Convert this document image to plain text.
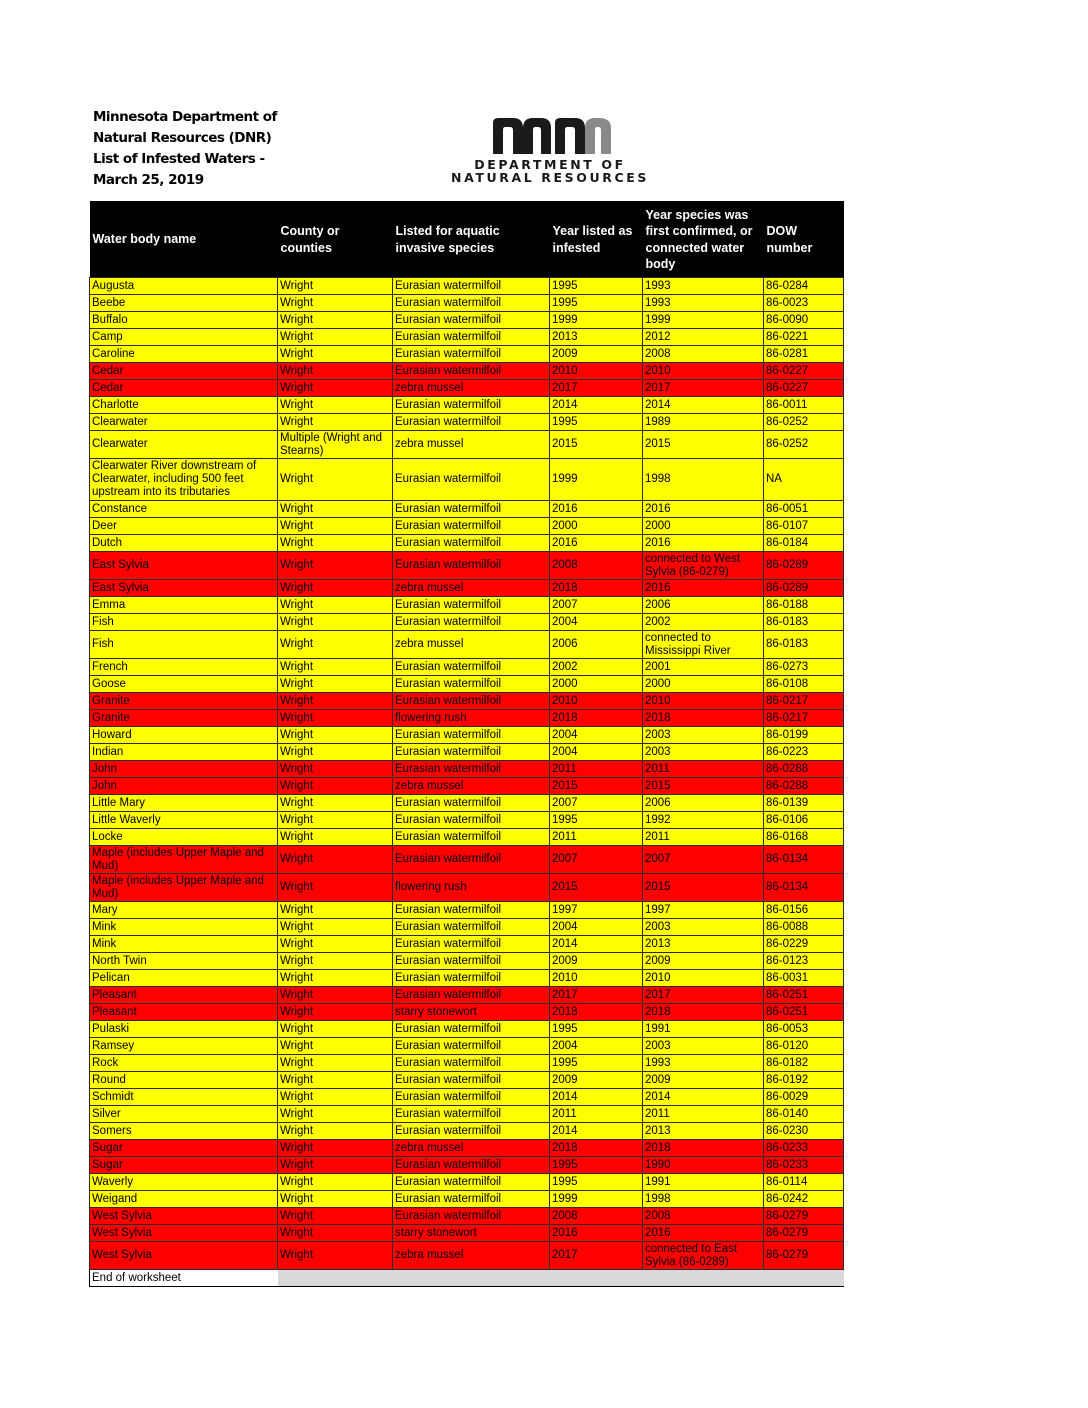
Minnesota Department of
Natural Resources (DNR)
List of Infested Waters -
March 25, 2019
DEPARTMENT OF
NATURAL RESOURCES
Water body name	County or counties	Listed for aquatic invasive species	Year listed as infested	Year species was first confirmed, or connected water body	DOW number
Augusta	Wright	Eurasian watermilfoil	1995	1993	86-0284
Beebe	Wright	Eurasian watermilfoil	1995	1993	86-0023
Buffalo	Wright	Eurasian watermilfoil	1999	1999	86-0090
Camp	Wright	Eurasian watermilfoil	2013	2012	86-0221
Caroline	Wright	Eurasian watermilfoil	2009	2008	86-0281
Cedar	Wright	Eurasian watermilfoil	2010	2010	86-0227
Cedar	Wright	zebra mussel	2017	2017	86-0227
Charlotte	Wright	Eurasian watermilfoil	2014	2014	86-0011
Clearwater	Wright	Eurasian watermilfoil	1995	1989	86-0252
Clearwater	Multiple (Wright and Stearns)	zebra mussel	2015	2015	86-0252
Clearwater River downstream of Clearwater, including 500 feet upstream into its tributaries	Wright	Eurasian watermilfoil	1999	1998	NA
Constance	Wright	Eurasian watermilfoil	2016	2016	86-0051
Deer	Wright	Eurasian watermilfoil	2000	2000	86-0107
Dutch	Wright	Eurasian watermilfoil	2016	2016	86-0184
East Sylvia	Wright	Eurasian watermilfoil	2008	connected to West Sylvia (86-0279)	86-0289
East Sylvia	Wright	zebra mussel	2018	2016	86-0289
Emma	Wright	Eurasian watermilfoil	2007	2006	86-0188
Fish	Wright	Eurasian watermilfoil	2004	2002	86-0183
Fish	Wright	zebra mussel	2006	connected to Mississippi River	86-0183
French	Wright	Eurasian watermilfoil	2002	2001	86-0273
Goose	Wright	Eurasian watermilfoil	2000	2000	86-0108
Granite	Wright	Eurasian watermilfoil	2010	2010	86-0217
Granite	Wright	flowering rush	2018	2018	86-0217
Howard	Wright	Eurasian watermilfoil	2004	2003	86-0199
Indian	Wright	Eurasian watermilfoil	2004	2003	86-0223
John	Wright	Eurasian watermilfoil	2011	2011	86-0288
John	Wright	zebra mussel	2015	2015	86-0288
Little Mary	Wright	Eurasian watermilfoil	2007	2006	86-0139
Little Waverly	Wright	Eurasian watermilfoil	1995	1992	86-0106
Locke	Wright	Eurasian watermilfoil	2011	2011	86-0168
Maple (includes Upper Maple and Mud)	Wright	Eurasian watermilfoil	2007	2007	86-0134
Maple (includes Upper Maple and Mud)	Wright	flowering rush	2015	2015	86-0134
Mary	Wright	Eurasian watermilfoil	1997	1997	86-0156
Mink	Wright	Eurasian watermilfoil	2004	2003	86-0088
Mink	Wright	Eurasian watermilfoil	2014	2013	86-0229
North Twin	Wright	Eurasian watermilfoil	2009	2009	86-0123
Pelican	Wright	Eurasian watermilfoil	2010	2010	86-0031
Pleasant	Wright	Eurasian watermilfoil	2017	2017	86-0251
Pleasant	Wright	starry stonewort	2018	2018	86-0251
Pulaski	Wright	Eurasian watermilfoil	1995	1991	86-0053
Ramsey	Wright	Eurasian watermilfoil	2004	2003	86-0120
Rock	Wright	Eurasian watermilfoil	1995	1993	86-0182
Round	Wright	Eurasian watermilfoil	2009	2009	86-0192
Schmidt	Wright	Eurasian watermilfoil	2014	2014	86-0029
Silver	Wright	Eurasian watermilfoil	2011	2011	86-0140
Somers	Wright	Eurasian watermilfoil	2014	2013	86-0230
Sugar	Wright	zebra mussel	2018	2018	86-0233
Sugar	Wright	Eurasian watermilfoil	1995	1990	86-0233
Waverly	Wright	Eurasian watermilfoil	1995	1991	86-0114
Weigand	Wright	Eurasian watermilfoil	1999	1998	86-0242
West Sylvia	Wright	Eurasian watermilfoil	2008	2008	86-0279
West Sylvia	Wright	starry stonewort	2016	2016	86-0279
West Sylvia	Wright	zebra mussel	2017	connected to East Sylvia (86-0289)	86-0279
End of worksheet					
